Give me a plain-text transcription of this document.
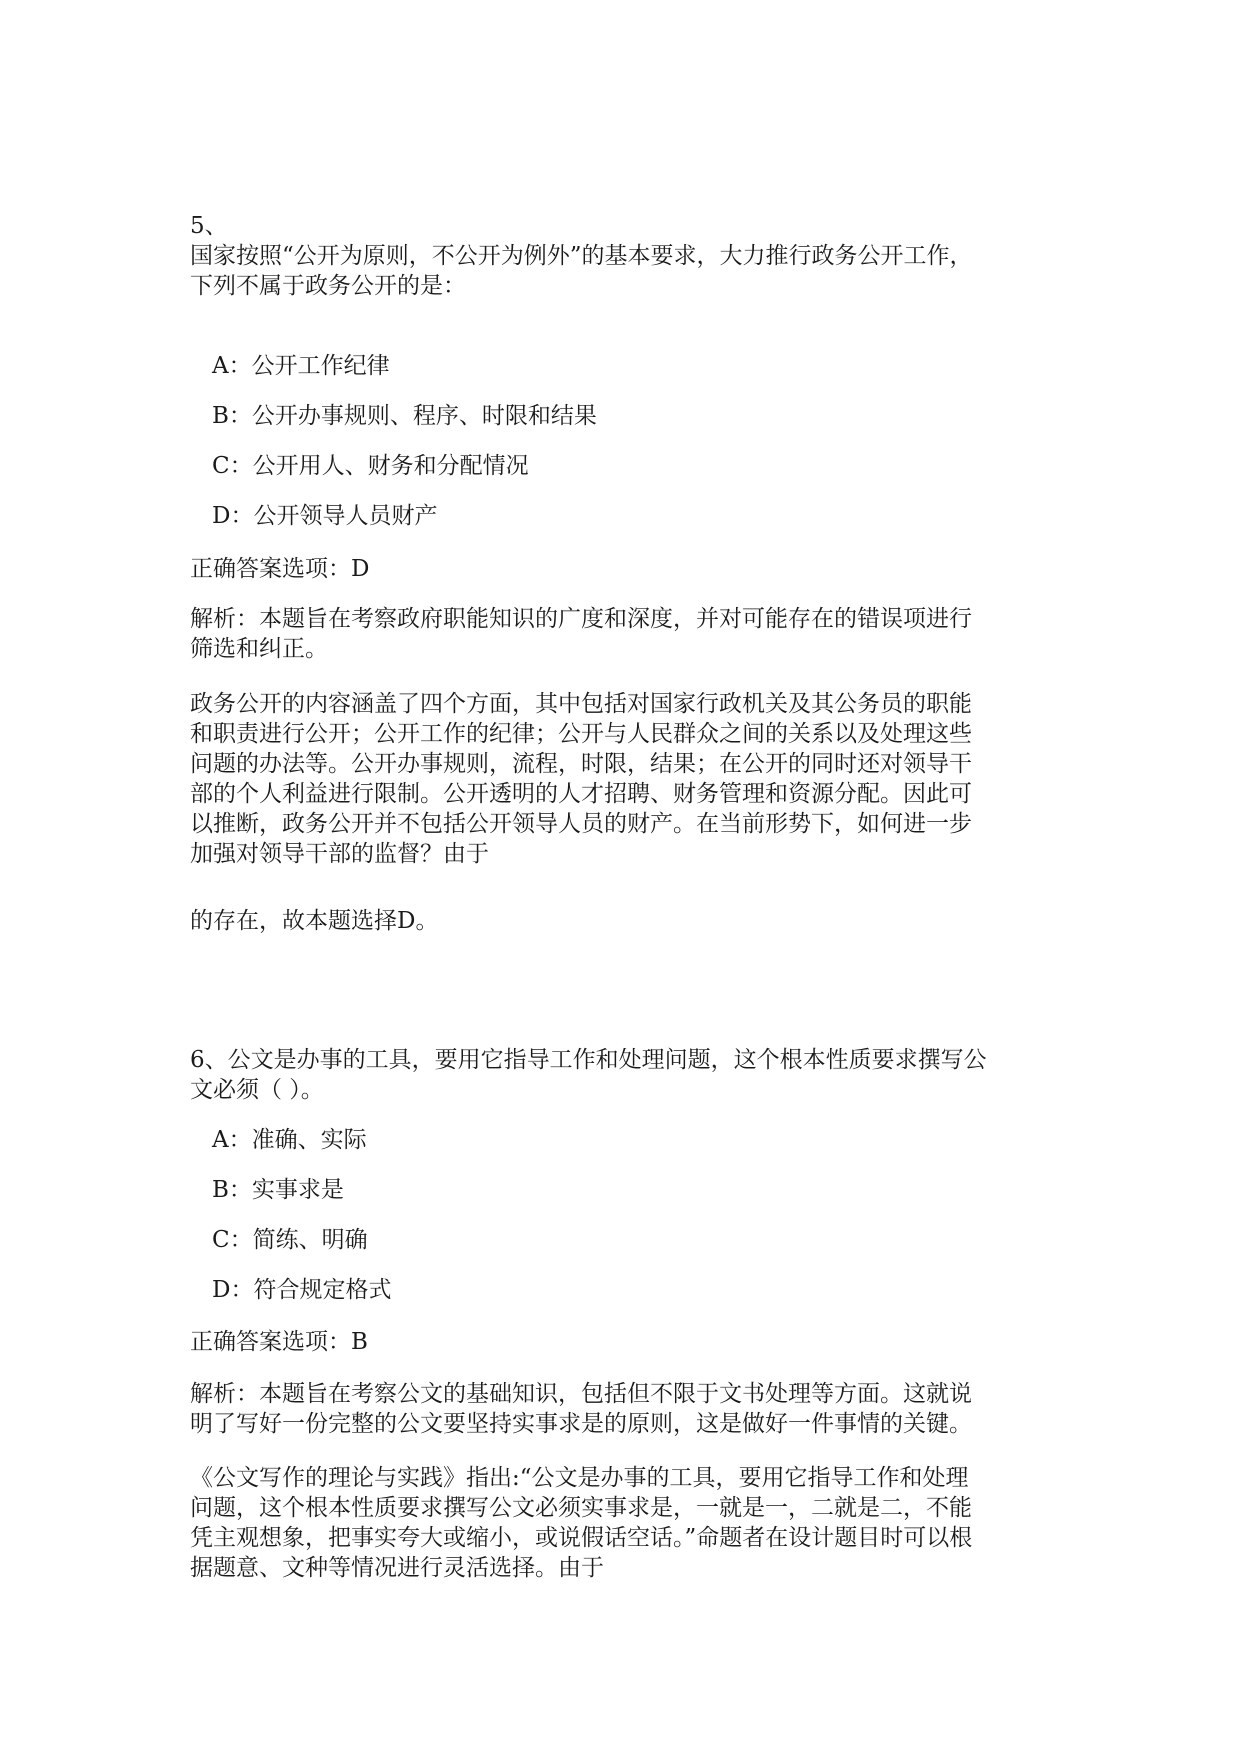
5、

国家按照“公开为原则，不公开为例外”的基本要求，大力推行政务公开工作，

下列不属于政务公开的是：

A：公开工作纪律

B：公开办事规则、程序、时限和结果

C：公开用人、财务和分配情况

D：公开领导人员财产

正确答案选项：D

解析：本题旨在考察政府职能知识的广度和深度，并对可能存在的错误项进行

筛选和纠正。

政务公开的内容涵盖了四个方面，其中包括对国家行政机关及其公务员的职能

和职责进行公开；公开工作的纪律；公开与人民群众之间的关系以及处理这些

问题的办法等。公开办事规则，流程，时限，结果；在公开的同时还对领导干

部的个人利益进行限制。公开透明的人才招聘、财务管理和资源分配。因此可

以推断，政务公开并不包括公开领导人员的财产。在当前形势下，如何进一步

加强对领导干部的监督？由于

的存在，故本题选择D。

6、公文是办事的工具，要用它指导工作和处理问题，这个根本性质要求撰写公

文必须（ ）。

A：准确、实际

B：实事求是

C：简练、明确

D：符合规定格式

正确答案选项：B

解析：本题旨在考察公文的基础知识，包括但不限于文书处理等方面。这就说

明了写好一份完整的公文要坚持实事求是的原则，这是做好一件事情的关键。

《公文写作的理论与实践》指出:“公文是办事的工具，要用它指导工作和处理

问题，这个根本性质要求撰写公文必须实事求是，一就是一，二就是二，不能

凭主观想象，把事实夸大或缩小，或说假话空话。”命题者在设计题目时可以根

据题意、文种等情况进行灵活选择。由于
